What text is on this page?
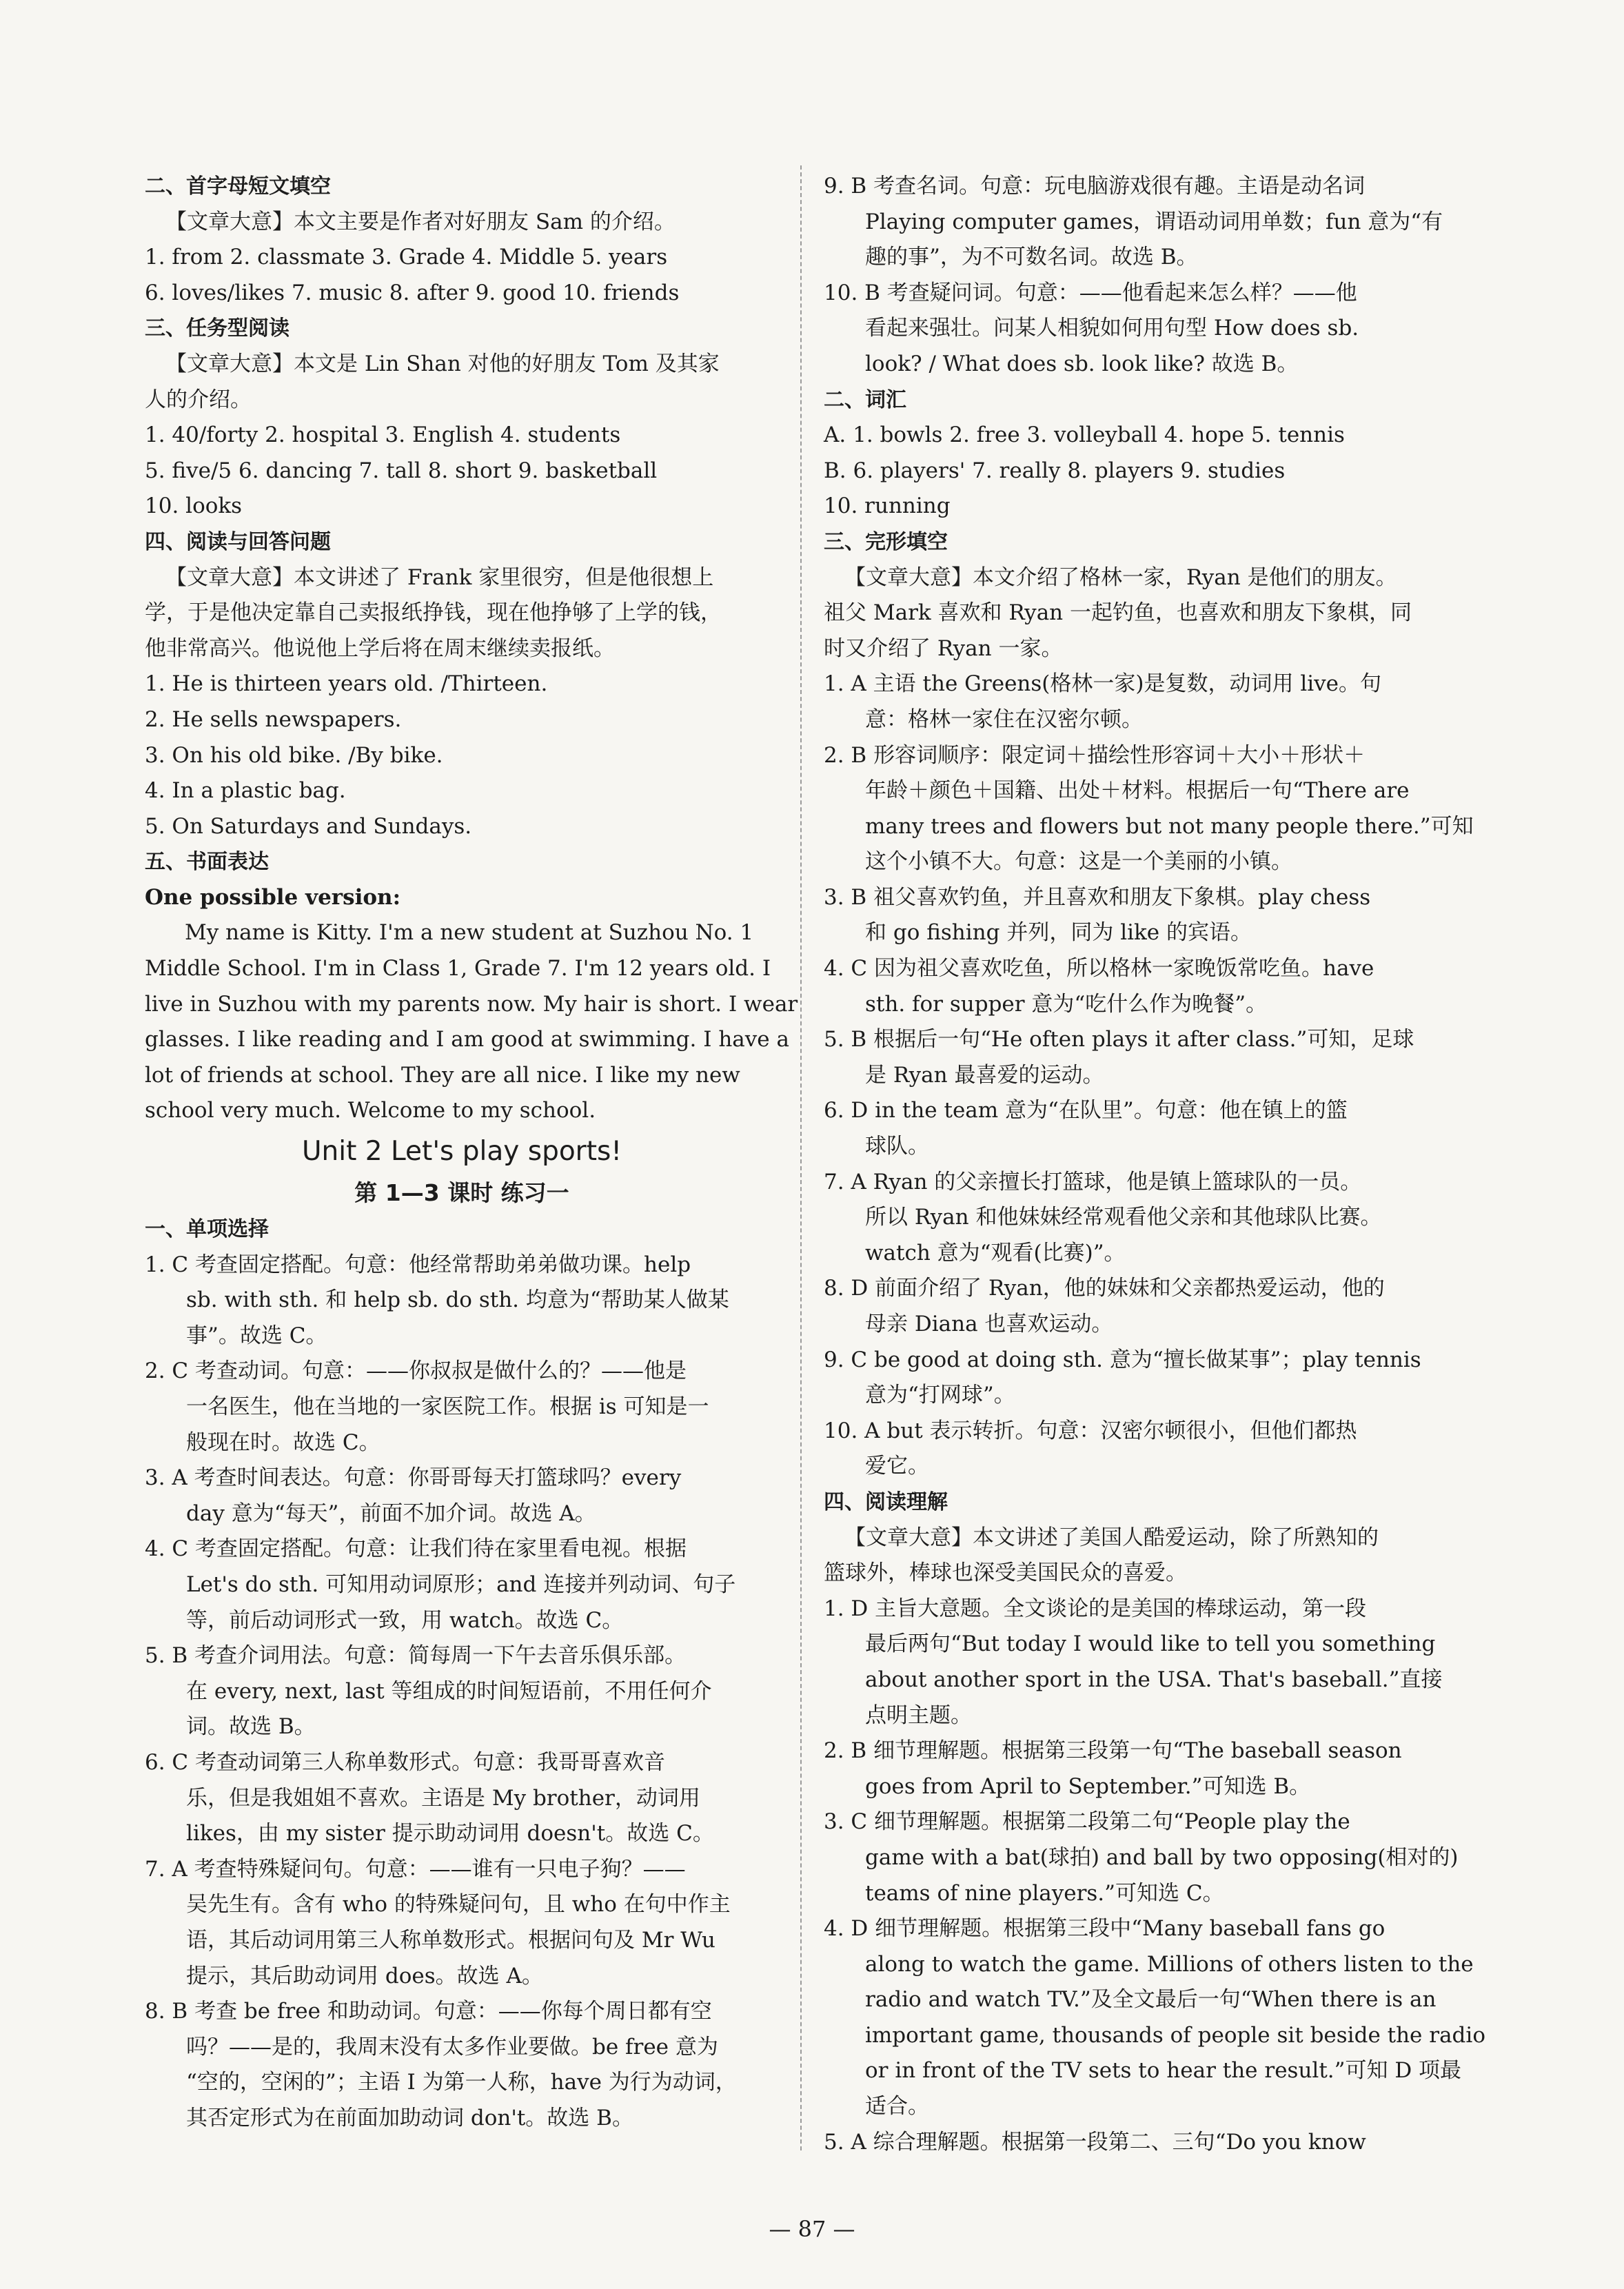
二、首字母短文填空
【文章大意】本文主要是作者对好朋友 Sam 的介绍。
1. from 2. classmate 3. Grade 4. Middle 5. years
6. loves/likes 7. music 8. after 9. good 10. friends
三、任务型阅读
【文章大意】本文是 Lin Shan 对他的好朋友 Tom 及其家
人的介绍。
1. 40/forty 2. hospital 3. English 4. students
5. five/5 6. dancing 7. tall 8. short 9. basketball
10. looks
四、阅读与回答问题
【文章大意】本文讲述了 Frank 家里很穷，但是他很想上
学，于是他决定靠自己卖报纸挣钱，现在他挣够了上学的钱，
他非常高兴。他说他上学后将在周末继续卖报纸。
1. He is thirteen years old. /Thirteen.
2. He sells newspapers.
3. On his old bike. /By bike.
4. In a plastic bag.
5. On Saturdays and Sundays.
五、书面表达
One possible version:
My name is Kitty. I'm a new student at Suzhou No. 1
Middle School. I'm in Class 1, Grade 7. I'm 12 years old. I
live in Suzhou with my parents now. My hair is short. I wear
glasses. I like reading and I am good at swimming. I have a
lot of friends at school. They are all nice. I like my new
school very much. Welcome to my school.
Unit 2 Let's play sports!
第 1—3 课时 练习一
一、单项选择
1. C 考查固定搭配。句意：他经常帮助弟弟做功课。help
sb. with sth. 和 help sb. do sth. 均意为“帮助某人做某
事”。故选 C。
2. C 考查动词。句意：——你叔叔是做什么的？——他是
一名医生，他在当地的一家医院工作。根据 is 可知是一
般现在时。故选 C。
3. A 考查时间表达。句意：你哥哥每天打篮球吗？every
day 意为“每天”，前面不加介词。故选 A。
4. C 考查固定搭配。句意：让我们待在家里看电视。根据
Let's do sth. 可知用动词原形；and 连接并列动词、句子
等，前后动词形式一致，用 watch。故选 C。
5. B 考查介词用法。句意：简每周一下午去音乐俱乐部。
在 every, next, last 等组成的时间短语前，不用任何介
词。故选 B。
6. C 考查动词第三人称单数形式。句意：我哥哥喜欢音
乐，但是我姐姐不喜欢。主语是 My brother，动词用
likes，由 my sister 提示助动词用 doesn't。故选 C。
7. A 考查特殊疑问句。句意：——谁有一只电子狗？——
吴先生有。含有 who 的特殊疑问句，且 who 在句中作主
语，其后动词用第三人称单数形式。根据问句及 Mr Wu
提示，其后助动词用 does。故选 A。
8. B 考查 be free 和助动词。句意：——你每个周日都有空
吗？——是的，我周末没有太多作业要做。be free 意为
“空的，空闲的”；主语 I 为第一人称，have 为行为动词，
其否定形式为在前面加助动词 don't。故选 B。
9. B 考查名词。句意：玩电脑游戏很有趣。主语是动名词
Playing computer games，谓语动词用单数；fun 意为“有
趣的事”，为不可数名词。故选 B。
10. B 考查疑问词。句意：——他看起来怎么样？——他
看起来强壮。问某人相貌如何用句型 How does sb.
look? / What does sb. look like? 故选 B。
二、词汇
A. 1. bowls 2. free 3. volleyball 4. hope 5. tennis
B. 6. players' 7. really 8. players 9. studies
10. running
三、完形填空
【文章大意】本文介绍了格林一家，Ryan 是他们的朋友。
祖父 Mark 喜欢和 Ryan 一起钓鱼，也喜欢和朋友下象棋，同
时又介绍了 Ryan 一家。
1. A 主语 the Greens(格林一家)是复数，动词用 live。句
意：格林一家住在汉密尔顿。
2. B 形容词顺序：限定词＋描绘性形容词＋大小＋形状＋
年龄＋颜色＋国籍、出处＋材料。根据后一句“There are
many trees and flowers but not many people there.”可知
这个小镇不大。句意：这是一个美丽的小镇。
3. B 祖父喜欢钓鱼，并且喜欢和朋友下象棋。play chess
和 go fishing 并列，同为 like 的宾语。
4. C 因为祖父喜欢吃鱼，所以格林一家晚饭常吃鱼。have
sth. for supper 意为“吃什么作为晚餐”。
5. B 根据后一句“He often plays it after class.”可知，足球
是 Ryan 最喜爱的运动。
6. D in the team 意为“在队里”。句意：他在镇上的篮
球队。
7. A Ryan 的父亲擅长打篮球，他是镇上篮球队的一员。
所以 Ryan 和他妹妹经常观看他父亲和其他球队比赛。
watch 意为“观看(比赛)”。
8. D 前面介绍了 Ryan，他的妹妹和父亲都热爱运动，他的
母亲 Diana 也喜欢运动。
9. C be good at doing sth. 意为“擅长做某事”；play tennis
意为“打网球”。
10. A but 表示转折。句意：汉密尔顿很小，但他们都热
爱它。
四、阅读理解
【文章大意】本文讲述了美国人酷爱运动，除了所熟知的
篮球外，棒球也深受美国民众的喜爱。
1. D 主旨大意题。全文谈论的是美国的棒球运动，第一段
最后两句“But today I would like to tell you something
about another sport in the USA. That's baseball.”直接
点明主题。
2. B 细节理解题。根据第三段第一句“The baseball season
goes from April to September.”可知选 B。
3. C 细节理解题。根据第二段第二句“People play the
game with a bat(球拍) and ball by two opposing(相对的)
teams of nine players.”可知选 C。
4. D 细节理解题。根据第三段中“Many baseball fans go
along to watch the game. Millions of others listen to the
radio and watch TV.”及全文最后一句“When there is an
important game, thousands of people sit beside the radio
or in front of the TV sets to hear the result.”可知 D 项最
适合。
5. A 综合理解题。根据第一段第二、三句“Do you know
— 87 —
